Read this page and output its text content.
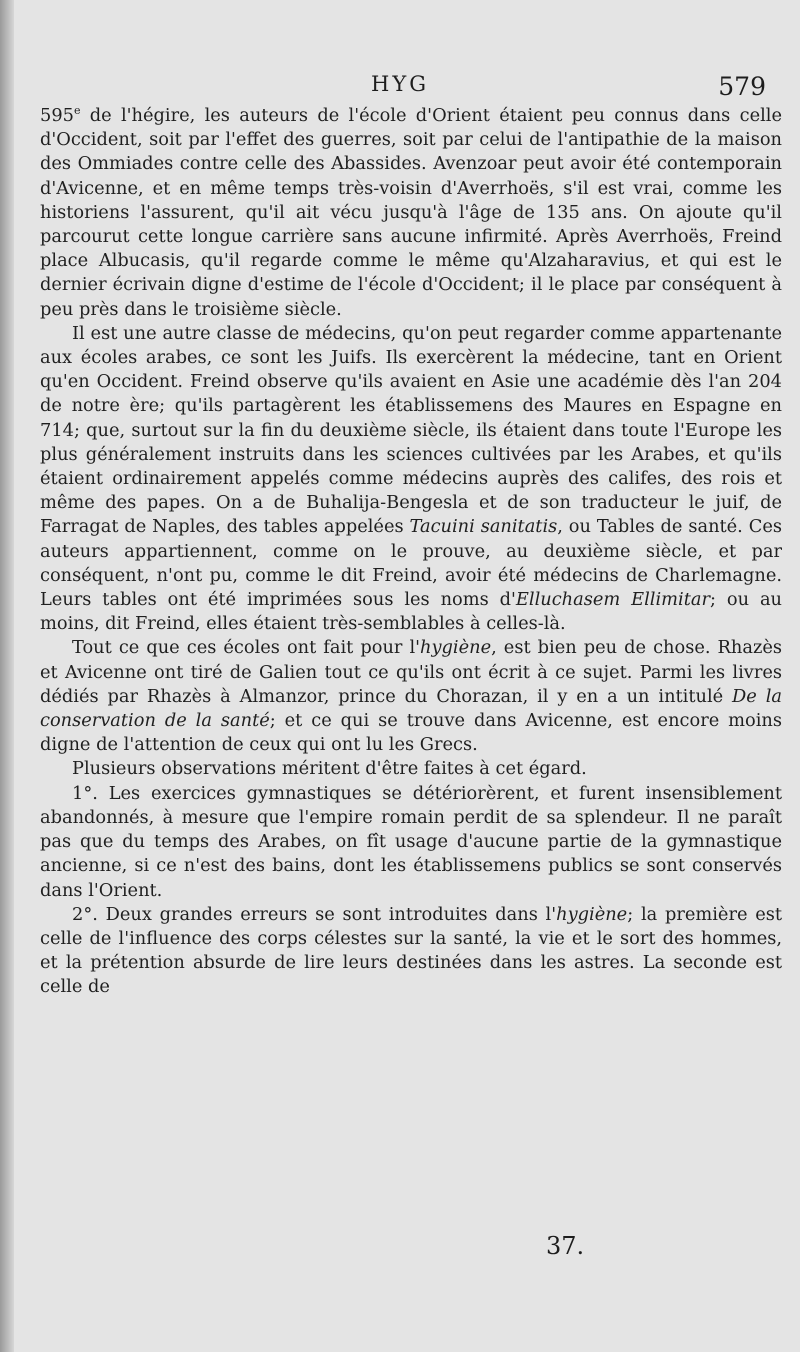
HYG	579

595e de l'hégire, les auteurs de l'école d'Orient étaient peu connus dans celle d'Occident, soit par l'effet des guerres, soit par celui de l'antipathie de la maison des Ommiades contre celle des Abassides. Avenzoar peut avoir été contemporain d'Avicenne, et en même temps très-voisin d'Averrhoës, s'il est vrai, comme les historiens l'assurent, qu'il ait vécu jusqu'à l'âge de 135 ans. On ajoute qu'il parcourut cette longue carrière sans aucune infirmité. Après Averrhoës, Freind place Albucasis, qu'il regarde comme le même qu'Alzaharavius, et qui est le dernier écrivain digne d'estime de l'école d'Occident; il le place par conséquent à peu près dans le troisième siècle.

Il est une autre classe de médecins, qu'on peut regarder comme appartenante aux écoles arabes, ce sont les Juifs. Ils exercèrent la médecine, tant en Orient qu'en Occident. Freind observe qu'ils avaient en Asie une académie dès l'an 204 de notre ère; qu'ils partagèrent les établissemens des Maures en Espagne en 714; que, surtout sur la fin du deuxième siècle, ils étaient dans toute l'Europe les plus généralement instruits dans les sciences cultivées par les Arabes, et qu'ils étaient ordinairement appelés comme médecins auprès des califes, des rois et même des papes. On a de Buhalija-Bengesla et de son traducteur le juif, de Farragat de Naples, des tables appelées Tacuini sanitatis, ou Tables de santé. Ces auteurs appartiennent, comme on le prouve, au deuxième siècle, et par conséquent, n'ont pu, comme le dit Freind, avoir été médecins de Charlemagne. Leurs tables ont été imprimées sous les noms d'Elluchasem Ellimitar; ou au moins, dit Freind, elles étaient très-semblables à celles-là.

Tout ce que ces écoles ont fait pour l'hygiène, est bien peu de chose. Rhazès et Avicenne ont tiré de Galien tout ce qu'ils ont écrit à ce sujet. Parmi les livres dédiés par Rhazès à Almanzor, prince du Chorazan, il y en a un intitulé De la conservation de la santé; et ce qui se trouve dans Avicenne, est encore moins digne de l'attention de ceux qui ont lu les Grecs.

Plusieurs observations méritent d'être faites à cet égard.

1°. Les exercices gymnastiques se détériorèrent, et furent insensiblement abandonnés, à mesure que l'empire romain perdit de sa splendeur. Il ne paraît pas que du temps des Arabes, on fît usage d'aucune partie de la gymnastique ancienne, si ce n'est des bains, dont les établissemens publics se sont conservés dans l'Orient.

2°. Deux grandes erreurs se sont introduites dans l'hygiène; la première est celle de l'influence des corps célestes sur la santé, la vie et le sort des hommes, et la prétention absurde de lire leurs destinées dans les astres. La seconde est celle de

37.
